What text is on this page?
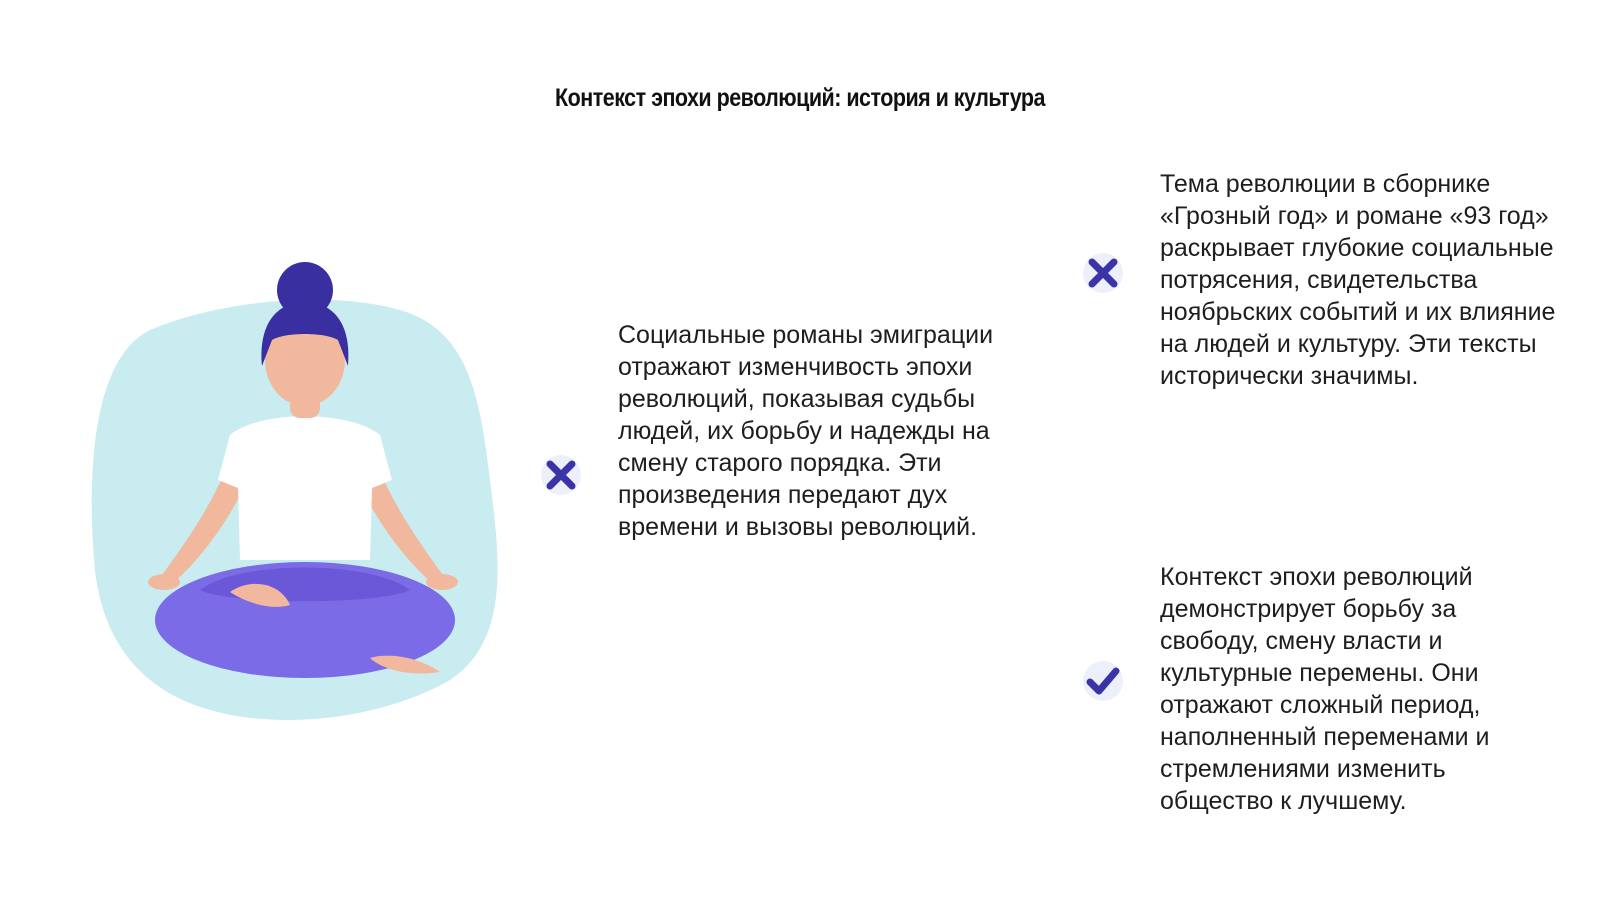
Контекст эпохи революций: история и культура
Социальные романы эмиграции отражают изменчивость эпохи революций, показывая судьбы людей, их борьбу и надежды на смену старого порядка. Эти произведения передают дух времени и вызовы революций.
Тема революции в сборнике «Грозный год» и романе «93 год» раскрывает глубокие социальные потрясения, свидетельства ноябрьских событий и их влияние на людей и культуру. Эти тексты исторически значимы.
Контекст эпохи революций демонстрирует борьбу за свободу, смену власти и культурные перемены. Они отражают сложный период, наполненный переменами и стремлениями изменить общество к лучшему.
